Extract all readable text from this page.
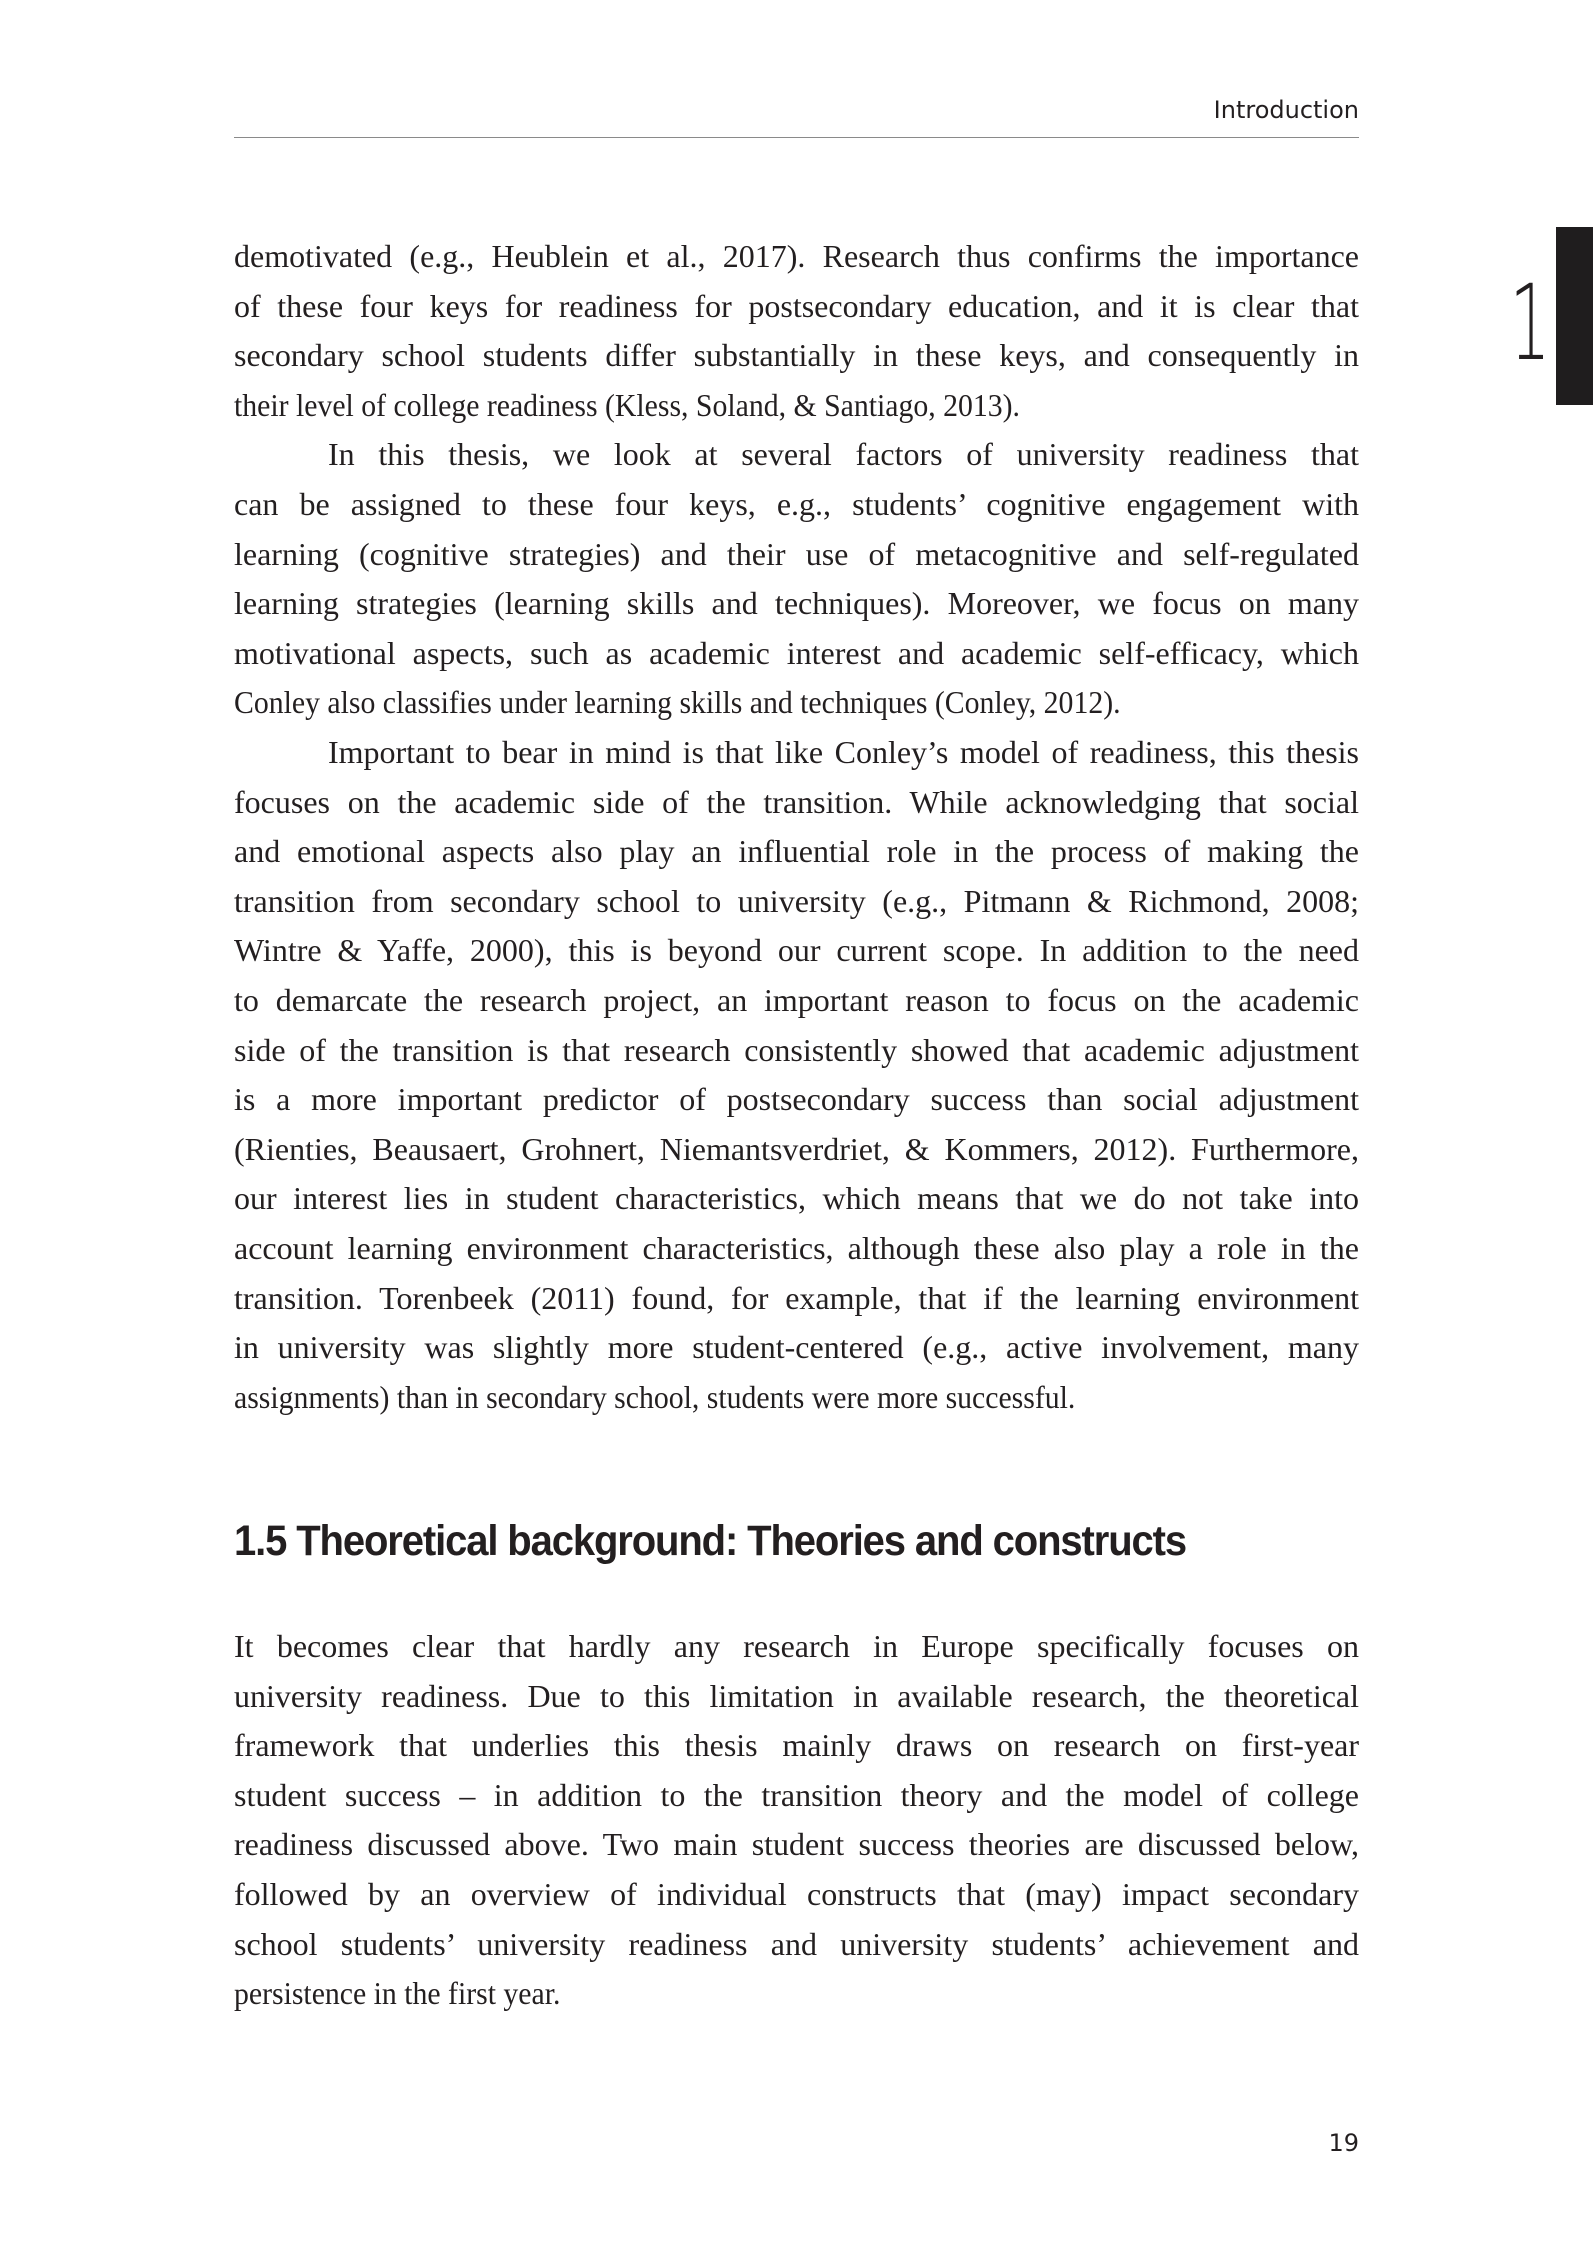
Introduction
1
demotivated (e.g., Heublein et al., 2017). Research thus confirms the importance
of these four keys for readiness for postsecondary education, and it is clear that
secondary school students differ substantially in these keys, and consequently in
their level of college readiness (Kless, Soland, & Santiago, 2013).
In this thesis, we look at several factors of university readiness that
can be assigned to these four keys, e.g., students’ cognitive engagement with
learning (cognitive strategies) and their use of metacognitive and self-regulated
learning strategies (learning skills and techniques). Moreover, we focus on many
motivational aspects, such as academic interest and academic self-efficacy, which
Conley also classifies under learning skills and techniques (Conley, 2012).
Important to bear in mind is that like Conley’s model of readiness, this thesis
focuses on the academic side of the transition. While acknowledging that social
and emotional aspects also play an influential role in the process of making the
transition from secondary school to university (e.g., Pitmann & Richmond, 2008;
Wintre & Yaffe, 2000), this is beyond our current scope. In addition to the need
to demarcate the research project, an important reason to focus on the academic
side of the transition is that research consistently showed that academic adjustment
is a more important predictor of postsecondary success than social adjustment
(Rienties, Beausaert, Grohnert, Niemantsverdriet, & Kommers, 2012). Furthermore,
our interest lies in student characteristics, which means that we do not take into
account learning environment characteristics, although these also play a role in the
transition. Torenbeek (2011) found, for example, that if the learning environment
in university was slightly more student-centered (e.g., active involvement, many
assignments) than in secondary school, students were more successful.
1.5 Theoretical background: Theories and constructs
It becomes clear that hardly any research in Europe specifically focuses on
university readiness. Due to this limitation in available research, the theoretical
framework that underlies this thesis mainly draws on research on first-year
student success – in addition to the transition theory and the model of college
readiness discussed above. Two main student success theories are discussed below,
followed by an overview of individual constructs that (may) impact secondary
school students’ university readiness and university students’ achievement and
persistence in the first year.
19
